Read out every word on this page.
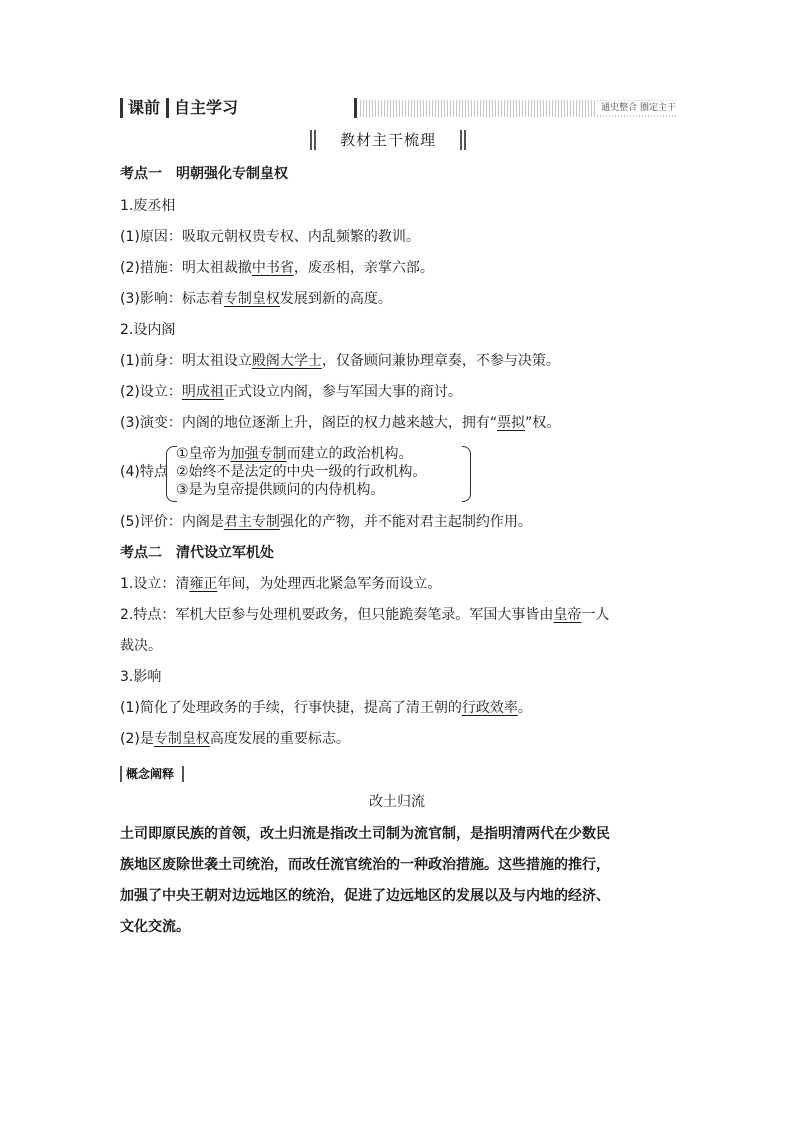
课前 自主学习	通史整合 圈定主干
教材主干梳理
考点一　明朝强化专制皇权
1.废丞相
(1)原因：吸取元朝权贵专权、内乱频繁的教训。
(2)措施：明太祖裁撤中书省，废丞相，亲掌六部。
(3)影响：标志着专制皇权发展到新的高度。
2.设内阁
(1)前身：明太祖设立殿阁大学士，仅备顾问兼协理章奏，不参与决策。
(2)设立：明成祖正式设立内阁，参与军国大事的商讨。
(3)演变：内阁的地位逐渐上升，阁臣的权力越来越大，拥有“票拟”权。
(4)特点
①皇帝为加强专制而建立的政治机构。
②始终不是法定的中央一级的行政机构。
③是为皇帝提供顾问的内侍机构。
(5)评价：内阁是君主专制强化的产物，并不能对君主起制约作用。
考点二　清代设立军机处
1.设立：清雍正年间，为处理西北紧急军务而设立。
2.特点：军机大臣参与处理机要政务，但只能跪奏笔录。军国大事皆由皇帝一人
裁决。
3.影响
(1)简化了处理政务的手续，行事快捷，提高了清王朝的行政效率。
(2)是专制皇权高度发展的重要标志。
概念阐释
改土归流
土司即原民族的首领，改土归流是指改土司制为流官制，是指明清两代在少数民
族地区废除世袭土司统治，而改任流官统治的一种政治措施。这些措施的推行，
加强了中央王朝对边远地区的统治，促进了边远地区的发展以及与内地的经济、
文化交流。
